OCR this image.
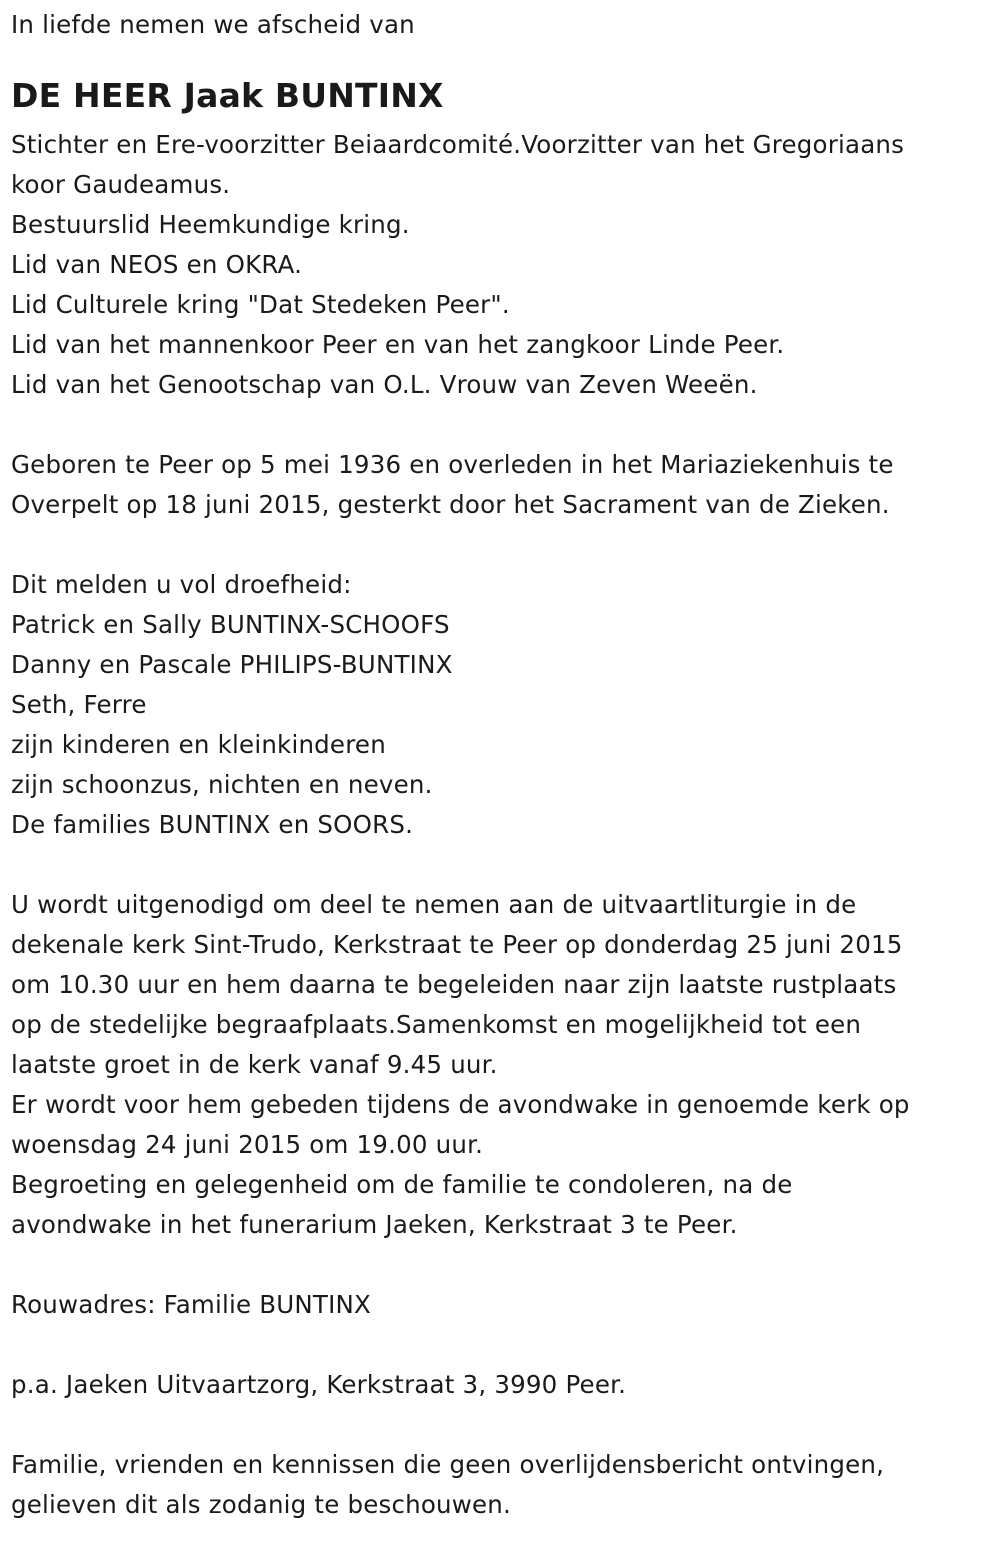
In liefde nemen we afscheid van
DE HEER Jaak BUNTINX
Stichter en Ere-voorzitter Beiaardcomité.Voorzitter van het Gregoriaans
koor Gaudeamus.
Bestuurslid Heemkundige kring.
Lid van NEOS en OKRA.
Lid Culturele kring "Dat Stedeken Peer".
Lid van het mannenkoor Peer en van het zangkoor Linde Peer.
Lid van het Genootschap van O.L. Vrouw van Zeven Weeën.
Geboren te Peer op 5 mei 1936 en overleden in het Mariaziekenhuis te
Overpelt op 18 juni 2015, gesterkt door het Sacrament van de Zieken.
Dit melden u vol droefheid:
Patrick en Sally BUNTINX-SCHOOFS
Danny en Pascale PHILIPS-BUNTINX
Seth, Ferre
zijn kinderen en kleinkinderen
zijn schoonzus, nichten en neven.
De families BUNTINX en SOORS.
U wordt uitgenodigd om deel te nemen aan de uitvaartliturgie in de
dekenale kerk Sint-Trudo, Kerkstraat te Peer op donderdag 25 juni 2015
om 10.30 uur en hem daarna te begeleiden naar zijn laatste rustplaats
op de stedelijke begraafplaats.Samenkomst en mogelijkheid tot een
laatste groet in de kerk vanaf 9.45 uur.
Er wordt voor hem gebeden tijdens de avondwake in genoemde kerk op
woensdag 24 juni 2015 om 19.00 uur.
Begroeting en gelegenheid om de familie te condoleren, na de
avondwake in het funerarium Jaeken, Kerkstraat 3 te Peer.
Rouwadres: Familie BUNTINX
p.a. Jaeken Uitvaartzorg, Kerkstraat 3, 3990 Peer.
Familie, vrienden en kennissen die geen overlijdensbericht ontvingen,
gelieven dit als zodanig te beschouwen.
